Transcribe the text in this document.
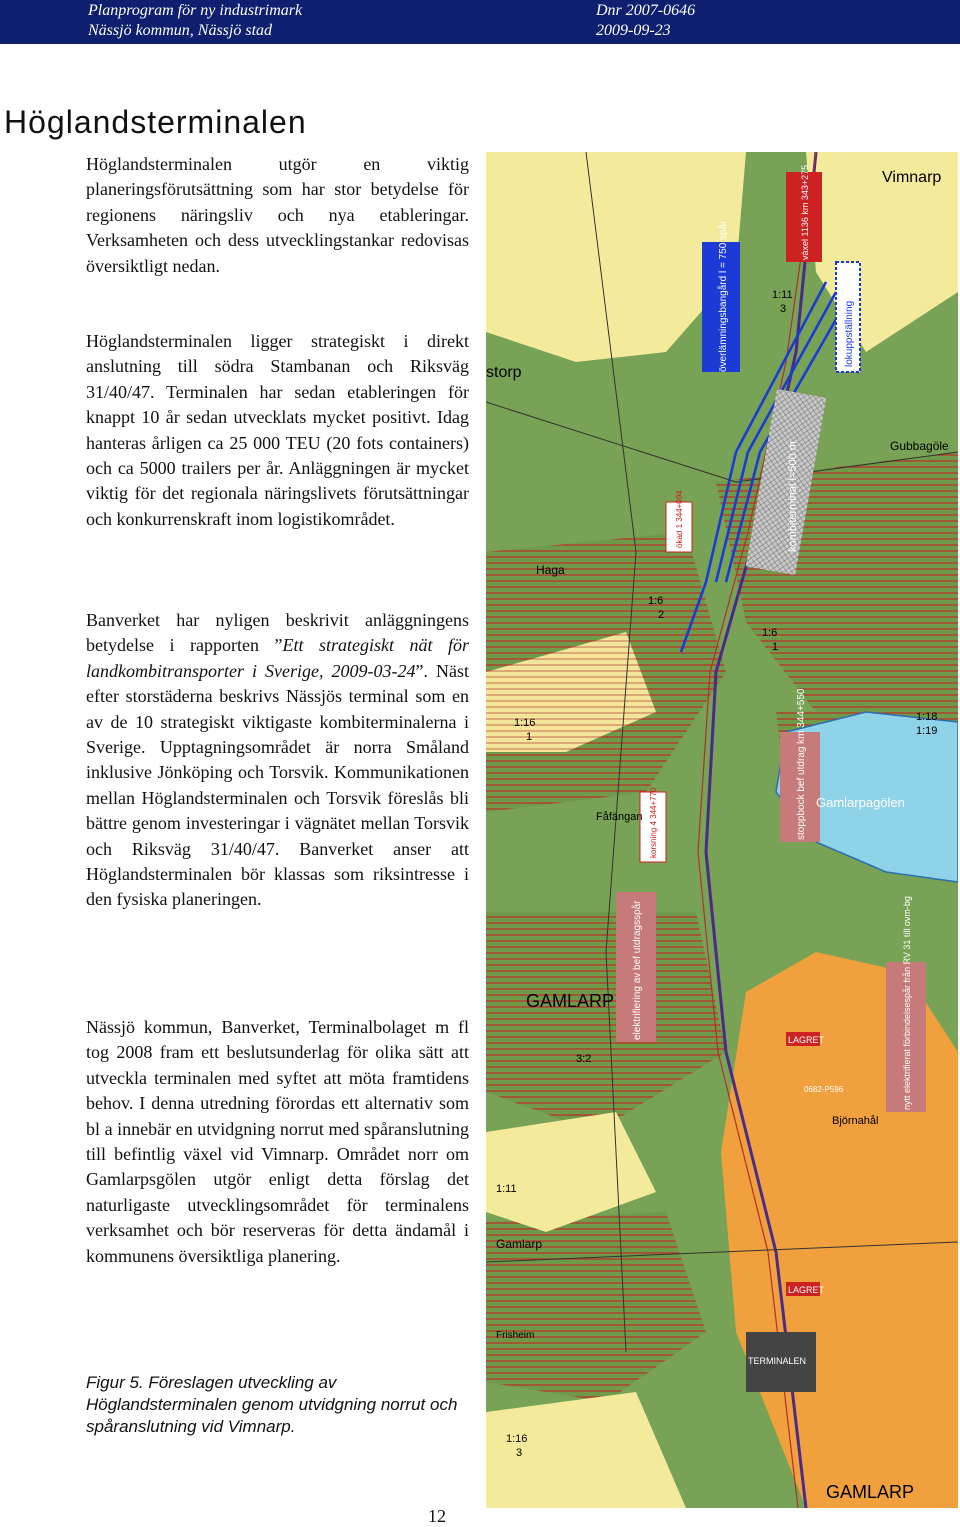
Planprogram för ny industrimark
Nässjö kommun, Nässjö stad
Dnr 2007-0646
2009-09-23
Höglandsterminalen

Höglandsterminalen utgör en viktig planeringsförutsättning som har stor betydelse för regionens näringsliv och nya etableringar. Verksamheten och dess utvecklingstankar redovisas översiktligt nedan.

Höglandsterminalen ligger strategiskt i direkt anslutning till södra Stambanan och Riksväg 31/40/47. Terminalen har sedan etableringen för knappt 10 år sedan utvecklats mycket positivt. Idag hanteras årligen ca 25 000 TEU (20 fots containers) och ca 5000 trailers per år. Anläggningen är mycket viktig för det regionala näringslivets förutsättningar och konkurrenskraft inom logistikområdet.

Banverket har nyligen beskrivit anläggningens betydelse i rapporten ”Ett strategiskt nät för landkombitransporter i Sverige, 2009-03-24”. Näst efter storstäderna beskrivs Nässjös terminal som en av de 10 strategiskt viktigaste kombiterminalerna i Sverige. Upptagningsområdet är norra Småland inklusive Jönköping och Torsvik. Kommunikationen mellan Höglandsterminalen och Torsvik föreslås bli bättre genom investeringar i vägnätet mellan Torsvik och Riksväg 31/40/47. Banverket anser att Höglandsterminalen bör klassas som riksintresse i den fysiska planeringen.

Nässjö kommun, Banverket, Terminalbolaget m fl tog 2008 fram ett beslutsunderlag för olika sätt att utveckla terminalen med syftet att möta framtidens behov. I denna utredning förordas ett alternativ som bl a innebär en utvidgning norrut med spåranslutning till befintlig växel vid Vimnarp. Området norr om Gamlarpsgölen utgör enligt detta förslag det naturligaste utvecklingsområdet för terminalens verksamhet och bör reserveras för detta ändamål i kommunens översiktliga planering.

Figur 5. Föreslagen utveckling av Höglandsterminalen genom utvidgning norrut och spåranslutning vid Vimnarp.
12
överlämningsbangård l = 750 spår	lokuppställning
växel 1136 km 343+275
kombiterminal l=500 m
ökad 1 344+094
stoppbock bef utdrag km 344+550
korsning 4 344+770
elektrifiering av bef utdragsspår	nytt elektrifierat förbindelsespår från RV 31 till ovm-bg
LAGRET
LAGRET
TERMINALEN
0682-P596
Vimnarp
storp
Gubbagöle
Haga
Gamlarpagölen
Fåfängan
GAMLARP
Björnahål
Gamlarp
GAMLARP
Frisheim
1:11
3
1:6
2
1:6
1
1:16
1
1:18
1:19
3:2
1:11
1:16
3
